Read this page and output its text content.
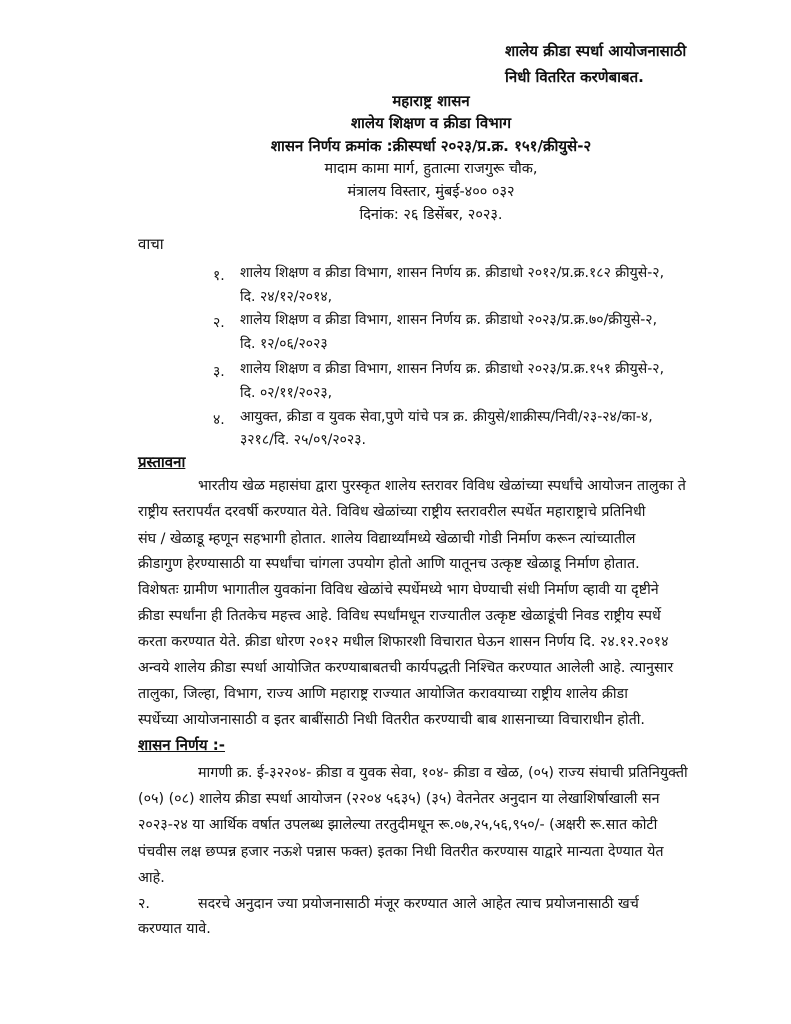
शालेय क्रीडा स्पर्धा आयोजनासाठी
निधी वितरित करणेबाबत.
महाराष्ट्र शासन
शालेय शिक्षण व क्रीडा विभाग
शासन निर्णय क्रमांक :क्रीस्पर्धा २०२३/प्र.क्र. १५१/क्रीयुसे-२
मादाम कामा मार्ग, हुतात्मा राजगुरू चौक,
मंत्रालय विस्तार, मुंबई-४०० ०३२
दिनांक: २६ डिसेंबर, २०२३.
वाचा
१. शालेय शिक्षण व क्रीडा विभाग, शासन निर्णय क्र. क्रीडाधो २०१२/प्र.क्र.१८२ क्रीयुसे-२,
दि. २४/१२/२०१४,
२. शालेय शिक्षण व क्रीडा विभाग, शासन निर्णय क्र. क्रीडाधो २०२३/प्र.क्र.७०/क्रीयुसे-२,
दि. १२/०६/२०२३
३. शालेय शिक्षण व क्रीडा विभाग, शासन निर्णय क्र. क्रीडाधो २०२३/प्र.क्र.१५१ क्रीयुसे-२,
दि. ०२/११/२०२३,
४. आयुक्त, क्रीडा व युवक सेवा,पुणे यांचे पत्र क्र. क्रीयुसे/शाक्रीस्प/निवी/२३-२४/का-४,
३२१८/दि. २५/०९/२०२३.
प्रस्तावना
भारतीय खेळ महासंघा द्वारा पुरस्कृत शालेय स्तरावर विविध खेळांच्या स्पर्धांचे आयोजन तालुका ते
राष्ट्रीय स्तरापर्यंत दरवर्षी करण्यात येते. विविध खेळांच्या राष्ट्रीय स्तरावरील स्पर्धेत महाराष्ट्राचे प्रतिनिधी
संघ / खेळाडू म्हणून सहभागी होतात. शालेय विद्यार्थ्यांमध्ये खेळाची गोडी निर्माण करून त्यांच्यातील
क्रीडागुण हेरण्यासाठी या स्पर्धांचा चांगला उपयोग होतो आणि यातूनच उत्कृष्ट खेळाडू निर्माण होतात.
विशेषतः ग्रामीण भागातील युवकांना विविध खेळांचे स्पर्धेमध्ये भाग घेण्याची संधी निर्माण व्हावी या दृष्टीने
क्रीडा स्पर्धांना ही तितकेच महत्त्व आहे. विविध स्पर्धांमधून राज्यातील उत्कृष्ट खेळाडूंची निवड राष्ट्रीय स्पर्धे
करता करण्यात येते. क्रीडा धोरण २०१२ मधील शिफारशी विचारात घेऊन शासन निर्णय दि. २४.१२.२०१४
अन्वये शालेय क्रीडा स्पर्धा आयोजित करण्याबाबतची कार्यपद्धती निश्चित करण्यात आलेली आहे. त्यानुसार
तालुका, जिल्हा, विभाग, राज्य आणि महाराष्ट्र राज्यात आयोजित करावयाच्या राष्ट्रीय शालेय क्रीडा
स्पर्धेच्या आयोजनासाठी व इतर बाबींसाठी निधी वितरीत करण्याची बाब शासनाच्या विचाराधीन होती.
शासन निर्णय :-
मागणी क्र. ई-३२२०४- क्रीडा व युवक सेवा, १०४- क्रीडा व खेळ, (०५) राज्य संघाची प्रतिनियुक्ती
(०५) (०८) शालेय क्रीडा स्पर्धा आयोजन (२२०४ ५६३५) (३५) वेतनेतर अनुदान या लेखाशिर्षाखाली सन
२०२३-२४ या आर्थिक वर्षात उपलब्ध झालेल्या तरतुदीमधून रू.०७,२५,५६,९५०/- (अक्षरी रू.सात कोटी
पंचवीस लक्ष छप्पन्न हजार नऊशे पन्नास फक्त) इतका निधी वितरीत करण्यास याद्वारे मान्यता देण्यात येत
आहे.
२.	सदरचे अनुदान ज्या प्रयोजनासाठी मंजूर करण्यात आले आहेत त्याच प्रयोजनासाठी खर्च
करण्यात यावे.
